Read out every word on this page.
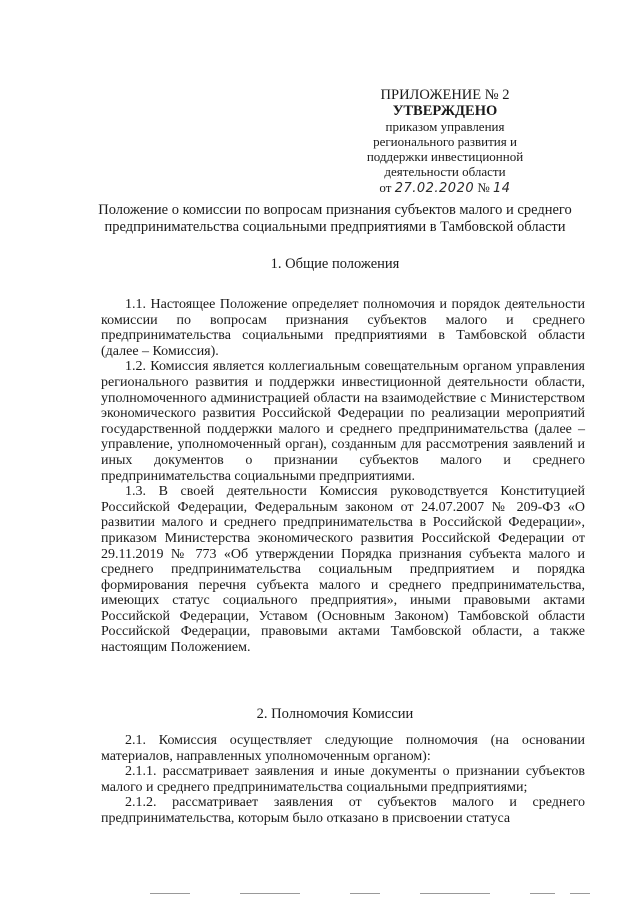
ПРИЛОЖЕНИЕ № 2
УТВЕРЖДЕНО
приказом управления
регионального развития и
поддержки инвестиционной
деятельности области
от 27.02.2020 № 14
Положение о комиссии по вопросам признания субъектов малого и среднего предпринимательства социальными предприятиями в Тамбовской области
1. Общие положения

1.1. Настоящее Положение определяет полномочия и порядок деятельности комиссии по вопросам признания субъектов малого и среднего предпринимательства социальными предприятиями в Тамбовской области (далее – Комиссия).

1.2. Комиссия является коллегиальным совещательным органом управления регионального развития и поддержки инвестиционной деятельности области, уполномоченного администрацией области на взаимодействие с Министерством экономического развития Российской Федерации по реализации мероприятий государственной поддержки малого и среднего предпринимательства (далее – управление, уполномоченный орган), созданным для рассмотрения заявлений и иных документов о признании субъектов малого и среднего предпринимательства социальными предприятиями.

1.3. В своей деятельности Комиссия руководствуется Конституцией Российской Федерации, Федеральным законом от 24.07.2007 № 209-ФЗ «О развитии малого и среднего предпринимательства в Российской Федерации», приказом Министерства экономического развития Российской Федерации от 29.11.2019 № 773 «Об утверждении Порядка признания субъекта малого и среднего предпринимательства социальным предприятием и порядка формирования перечня субъекта малого и среднего предпринимательства, имеющих статус социального предприятия», иными правовыми актами Российской Федерации, Уставом (Основным Законом) Тамбовской области Российской Федерации, правовыми актами Тамбовской области, а также настоящим Положением.

2. Полномочия Комиссии

2.1. Комиссия осуществляет следующие полномочия (на основании материалов, направленных уполномоченным органом):

2.1.1. рассматривает заявления и иные документы о признании субъектов малого и среднего предпринимательства социальными предприятиями;

2.1.2. рассматривает заявления от субъектов малого и среднего предпринимательства, которым было отказано в присвоении статуса
